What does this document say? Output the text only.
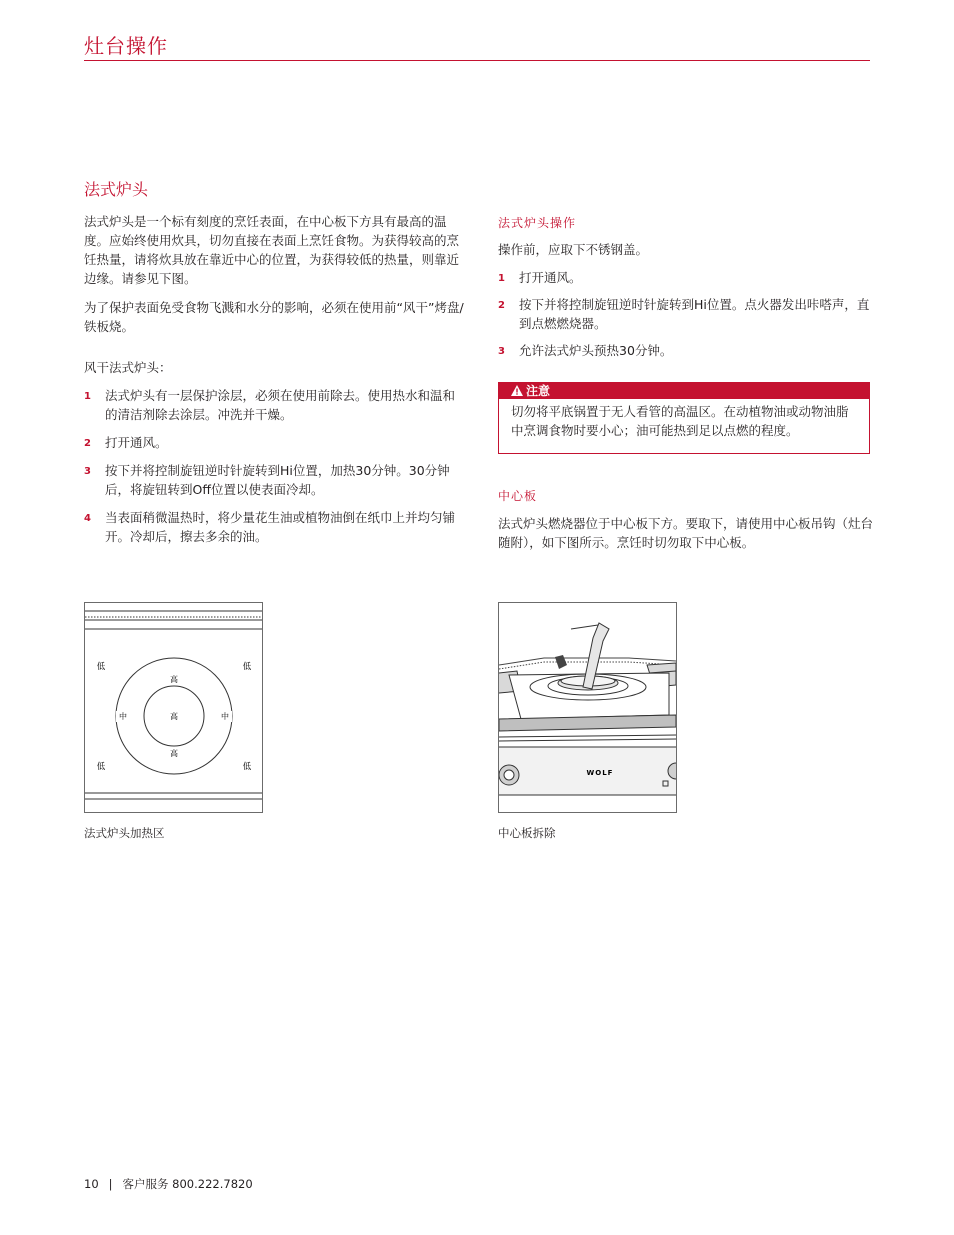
灶台操作
法式炉头

法式炉头是一个标有刻度的烹饪表面，在中心板下方具有最高的温度。应始终使用炊具，切勿直接在表面上烹饪食物。为获得较高的烹饪热量，请将炊具放在靠近中心的位置，为获得较低的热量，则靠近边缘。请参见下图。

为了保护表面免受食物飞溅和水分的影响，必须在使用前“风干”烤盘/铁板烧。

风干法式炉头：

1 法式炉头有一层保护涂层，必须在使用前除去。使用热水和温和的清洁剂除去涂层。冲洗并干燥。
2 打开通风。
3 按下并将控制旋钮逆时针旋转到Hi位置，加热30分钟。30分钟后，将旋钮转到Off位置以使表面冷却。
4 当表面稍微温热时，将少量花生油或植物油倒在纸巾上并均匀铺开。冷却后，擦去多余的油。
法式炉头操作

操作前，应取下不锈钢盖。

1 打开通风。
2 按下并将控制旋钮逆时针旋转到Hi位置。点火器发出咔嗒声，直到点燃燃烧器。
3 允许法式炉头预热30分钟。
注意
切勿将平底锅置于无人看管的高温区。在动植物油或动物油脂中烹调食物时要小心；油可能热到足以点燃的程度。
中心板

法式炉头燃烧器位于中心板下方。要取下，请使用中心板吊钩（灶台随附），如下图所示。烹饪时切勿取下中心板。

低	低
低	低
高
高
高
中	中
法式炉头加热区
WOLF
中心板拆除
10 | 客户服务 800.222.7820
